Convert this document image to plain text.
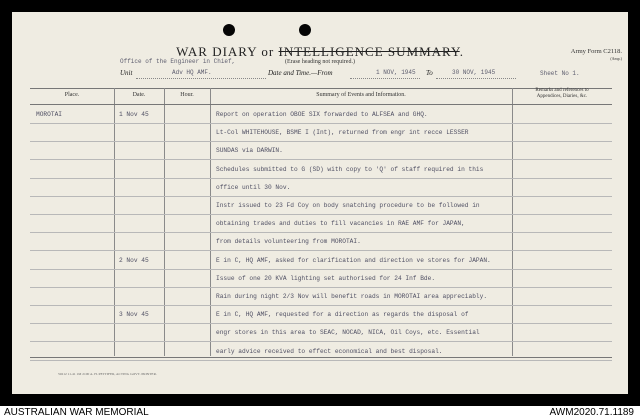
WAR DIARY or INTELLIGENCE SUMMARY.
(Erase heading not required.)
Army Form C2118.
(Amp.)
Office of the Engineer in Chief,
Unit	Adv HQ AMF.	Date and Time.—From	1 NOV, 1945 To	30 NOV, 1945	Sheet No 1.
Place.	Date.	Hour.	Summary of Events and Information.
Remarks and references to
Appendices, Diaries, &c.
MOROTAI	1 Nov 45	Report on operation OBOE SIX forwarded to ALFSEA and GHQ.
Lt-Col WHITEHOUSE, BSME I (Int), returned from engr int recce LESSER
SUNDAS via DARWIN.
Schedules submitted to G (SD) with copy to 'Q' of staff required in this
office until 30 Nov.
Instr issued to 23 Fd Coy on body snatching procedure to be followed in
obtaining trades and duties to fill vacancies in RAE AMF for JAPAN,
from details volunteering from MOROTAI.
2 Nov 45	E in C, HQ AMF, asked for clarification and direction ve stores for JAPAN.
Issue of one 20 KVA lighting set authorised for 24 Inf Bde.
Rain during night 2/3 Nov will benefit roads in MOROTAI area appreciably.
3 Nov 45	E in C, HQ AMF, requested for a direction as regards the disposal of
engr stores in this area to SEAC, NOCAD, NICA, Oil Coys, etc. Essential
early advice received to effect economical and best disposal.
59212 11-41 1M 2100 A. H. PETTIFER, ACTING GOVT. PRINTER.
AUSTRALIAN WAR MEMORIAL	AWM2020.71.1189
